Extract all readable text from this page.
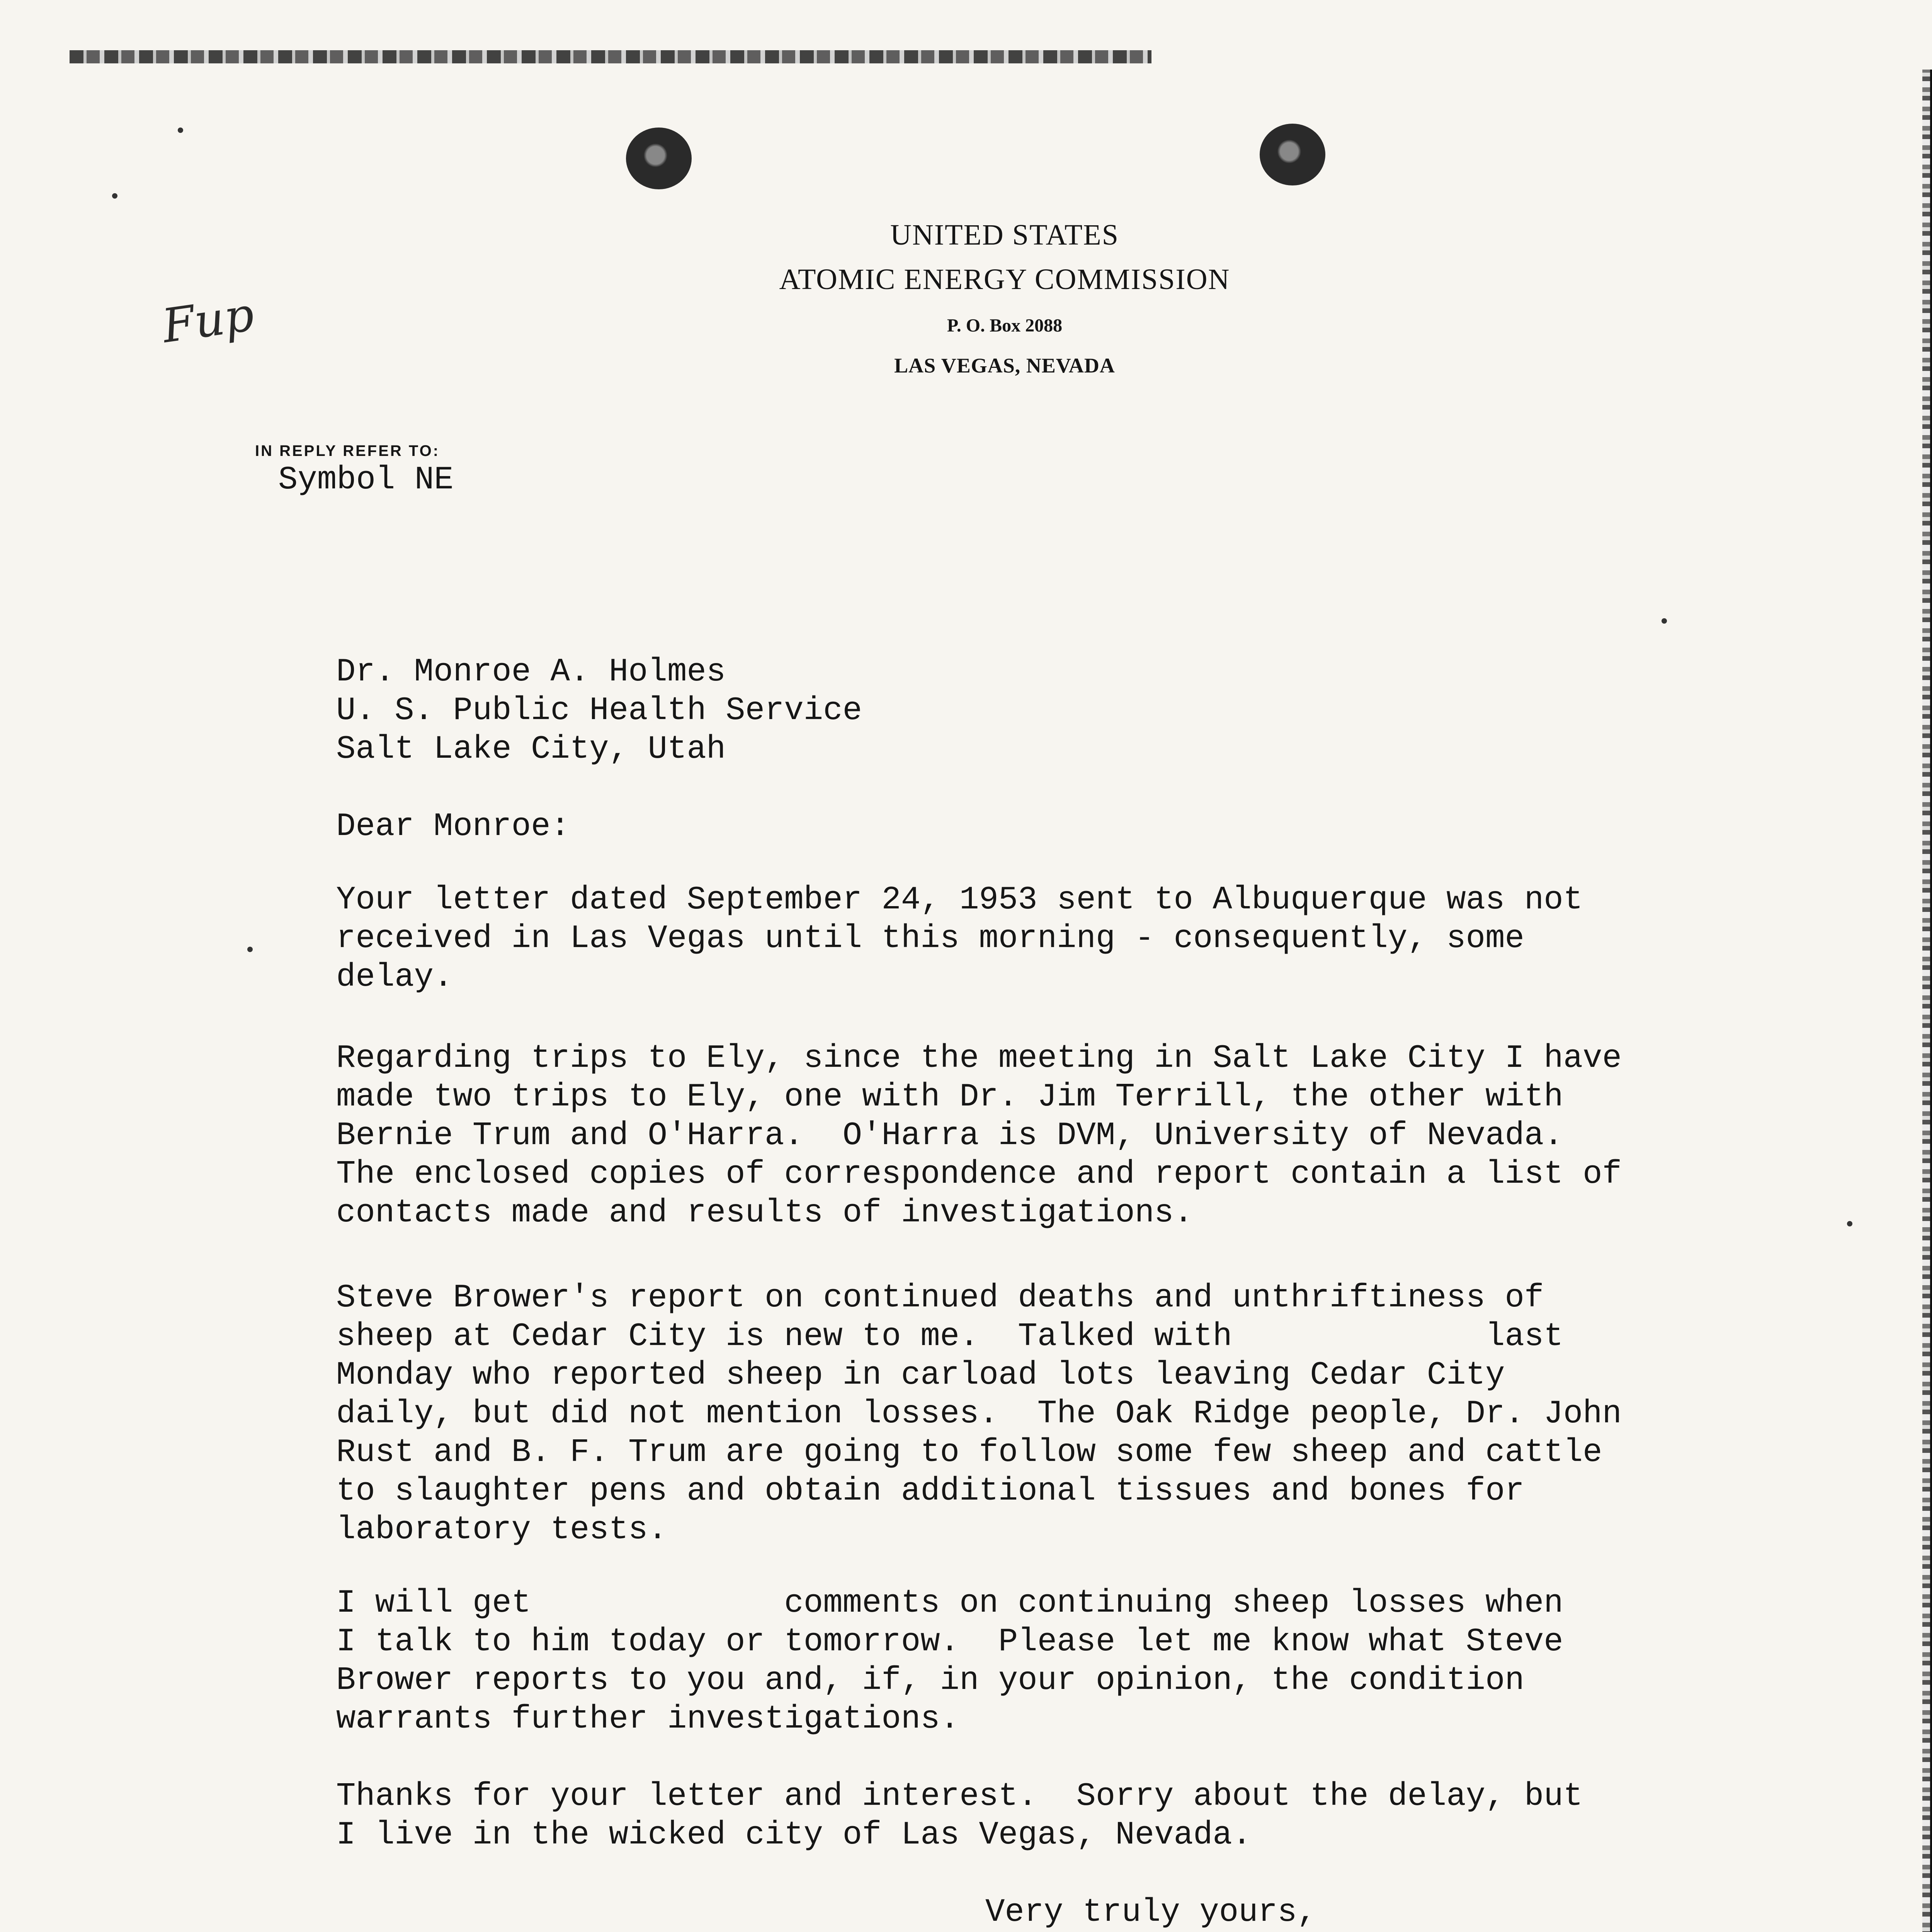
UNITED STATES
ATOMIC ENERGY COMMISSION
P. O. Box 2088
LAS VEGAS, NEVADA
IN REPLY REFER TO:
Symbol NE
Fup
Dr. Monroe A. Holmes
U. S. Public Health Service
Salt Lake City, Utah
Dear Monroe:
Your letter dated September 24, 1953 sent to Albuquerque was not
received in Las Vegas until this morning - consequently, some
delay.
Regarding trips to Ely, since the meeting in Salt Lake City I have
made two trips to Ely, one with Dr. Jim Terrill, the other with
Bernie Trum and O'Harra.  O'Harra is DVM, University of Nevada.
The enclosed copies of correspondence and report contain a list of
contacts made and results of investigations.
Steve Brower's report on continued deaths and unthriftiness of
sheep at Cedar City is new to me.  Talked with             last
Monday who reported sheep in carload lots leaving Cedar City
daily, but did not mention losses.  The Oak Ridge people, Dr. John
Rust and B. F. Trum are going to follow some few sheep and cattle
to slaughter pens and obtain additional tissues and bones for
laboratory tests.
I will get             comments on continuing sheep losses when
I talk to him today or tomorrow.  Please let me know what Steve
Brower reports to you and, if, in your opinion, the condition
warrants further investigations.
Thanks for your letter and interest.  Sorry about the delay, but
I live in the wicked city of Las Vegas, Nevada.
Very truly yours,
